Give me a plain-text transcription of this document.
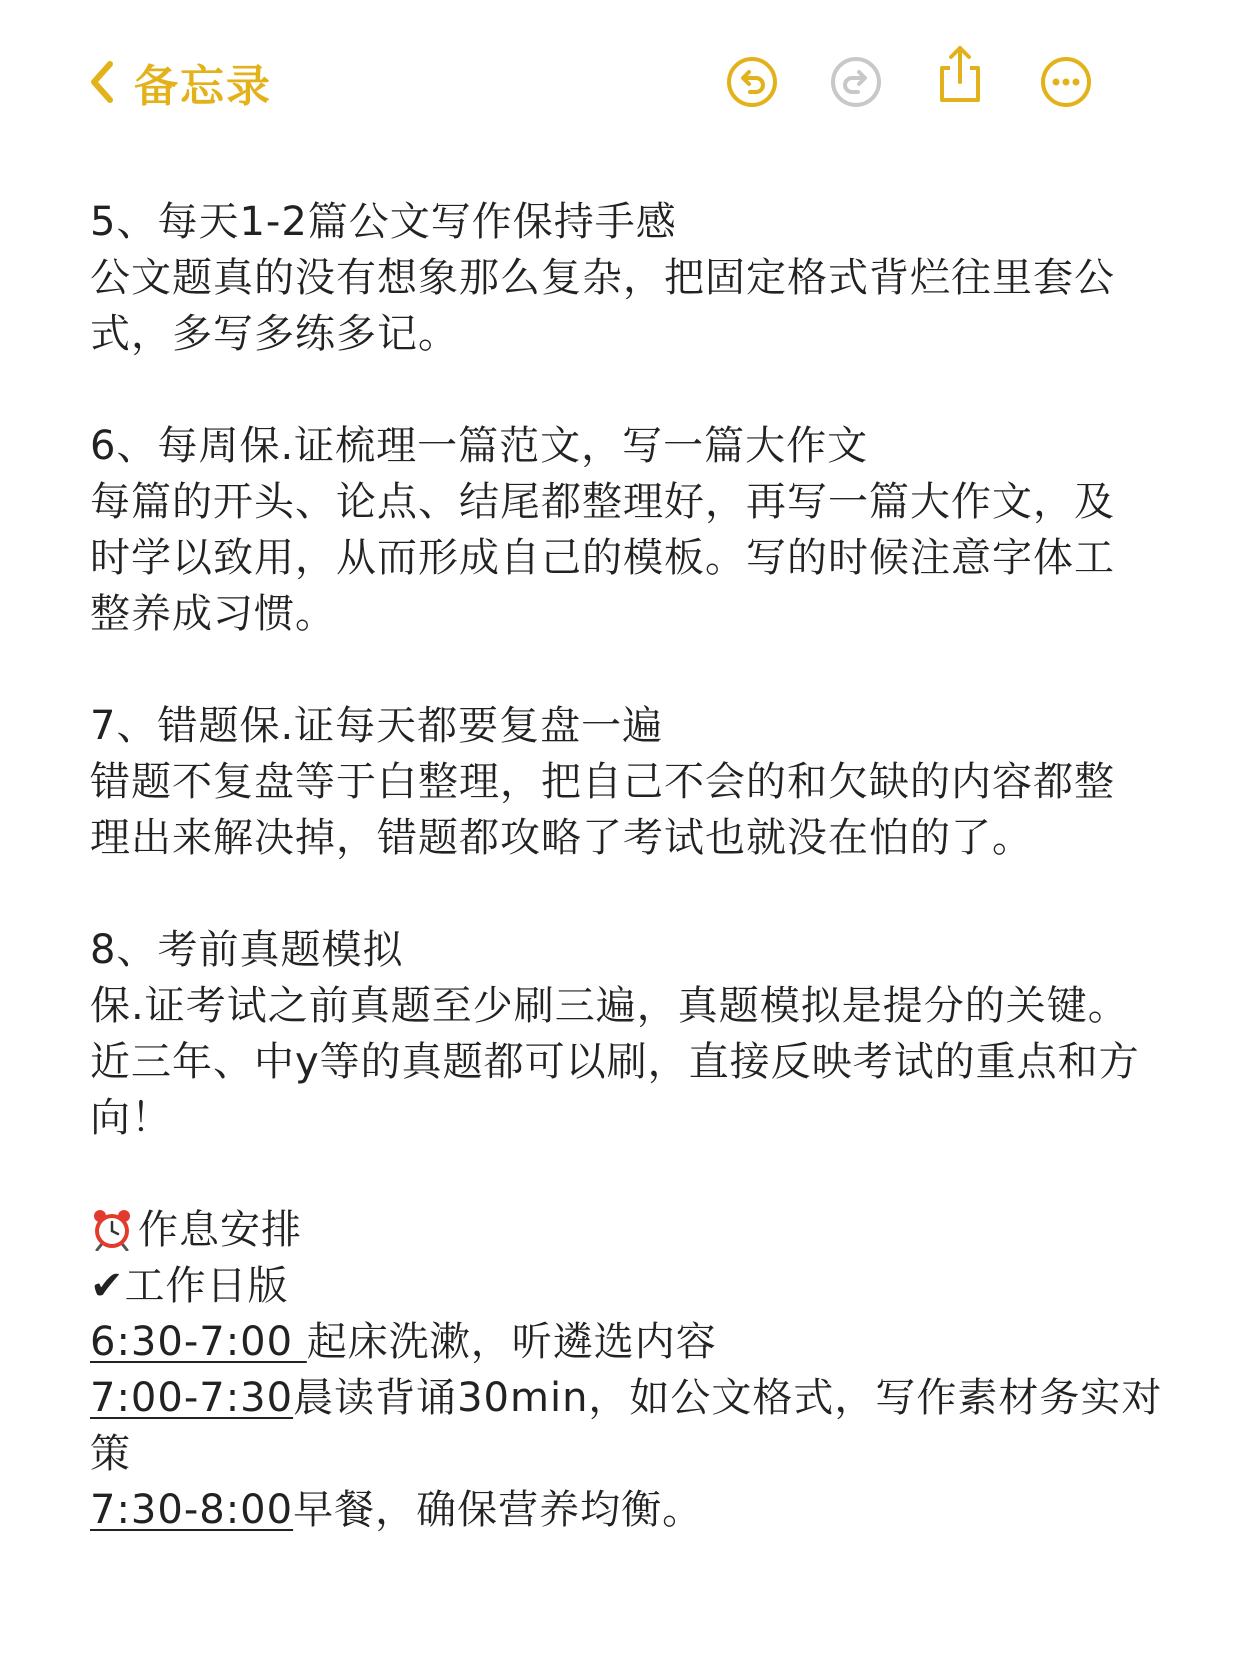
备忘录
5、每天1-2篇公文写作保持手感
公文题真的没有想象那么复杂，把固定格式背烂往里套公
式，多写多练多记。
6、每周保.证梳理一篇范文，写一篇大作文
每篇的开头、论点、结尾都整理好，再写一篇大作文，及
时学以致用，从而形成自己的模板。写的时候注意字体工
整养成习惯。
7、错题保.证每天都要复盘一遍
错题不复盘等于白整理，把自己不会的和欠缺的内容都整
理出来解决掉，错题都攻略了考试也就没在怕的了。
8、考前真题模拟
保.证考试之前真题至少刷三遍，真题模拟是提分的关键。
近三年、中y等的真题都可以刷，直接反映考试的重点和方
向！
作息安排
✔工作日版
6:30-7:00 起床洗漱，听遴选内容
7:00-7:30晨读背诵30min，如公文格式，写作素材务实对
策
7:30-8:00早餐，确保营养均衡。
